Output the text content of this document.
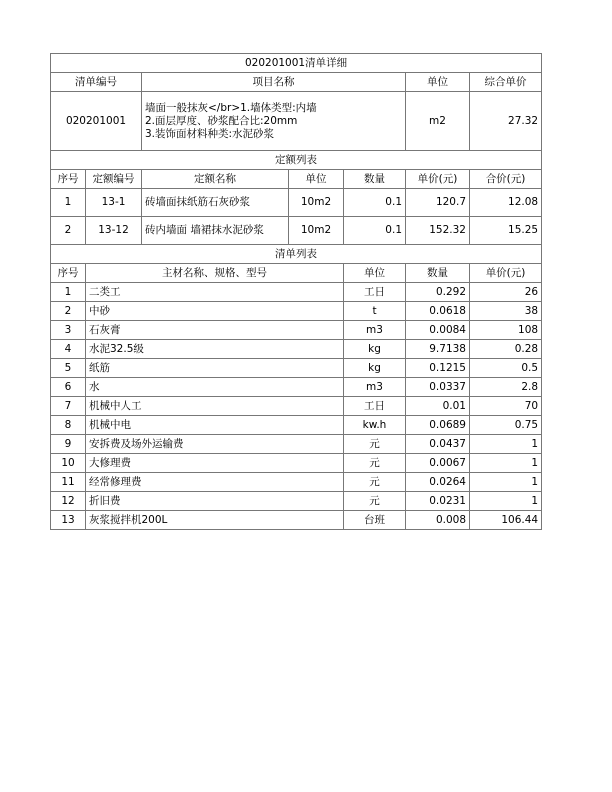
020201001清单详细							
清单编号		项目名称			单位	综合单价	
020201001		墙面一般抹灰</br>1.墙体类型:内墙
2.面层厚度、砂浆配合比:20mm
3.装饰面材料种类:水泥砂浆			m2	27.32	
定额列表							
序号	定额编号	定额名称	单位	数量	单价(元)	合价(元)	
1	13-1	砖墙面抹纸筋石灰砂浆	10m2	0.1	120.7	12.08	
2	13-12	砖内墙面 墙裙抹水泥砂浆	10m2	0.1	152.32	15.25	
清单列表							
序号	主材名称、规格、型号			单位	数量	单价(元)	
1	二类工			工日	0.292	26	
2	中砂			t	0.0618	38	
3	石灰膏			m3	0.0084	108	
4	水泥32.5级			kg	9.7138	0.28	
5	纸筋			kg	0.1215	0.5	
6	水			m3	0.0337	2.8	
7	机械中人工			工日	0.01	70	
8	机械中电			kw.h	0.0689	0.75	
9	安拆费及场外运输费			元	0.0437	1	
10	大修理费			元	0.0067	1	
11	经常修理费			元	0.0264	1	
12	折旧费			元	0.0231	1	
13	灰浆搅拌机200L			台班	0.008	106.44	
